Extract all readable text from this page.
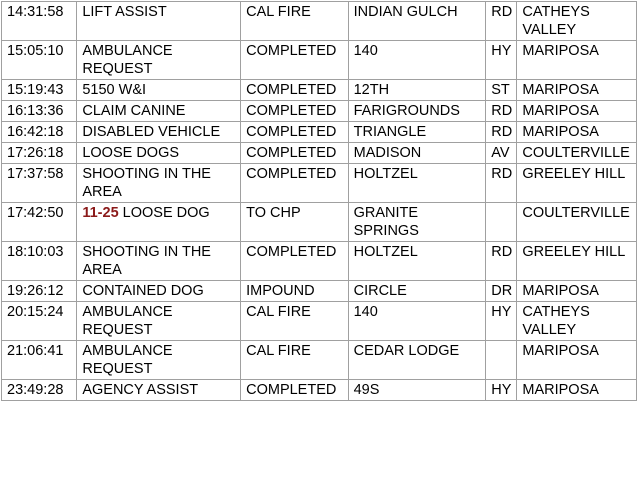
14:31:58	LIFT ASSIST	CAL FIRE	INDIAN GULCH	RD	CATHEYS VALLEY
15:05:10	AMBULANCE REQUEST	COMPLETED	140	HY	MARIPOSA
15:19:43	5150 W&I	COMPLETED	12TH	ST	MARIPOSA
16:13:36	CLAIM CANINE	COMPLETED	FARIGROUNDS	RD	MARIPOSA
16:42:18	DISABLED VEHICLE	COMPLETED	TRIANGLE	RD	MARIPOSA
17:26:18	LOOSE DOGS	COMPLETED	MADISON	AV	COULTERVILLE
17:37:58	SHOOTING IN THE AREA	COMPLETED	HOLTZEL	RD	GREELEY HILL
17:42:50	11-25 LOOSE DOG	TO CHP	GRANITE SPRINGS		COULTERVILLE
18:10:03	SHOOTING IN THE AREA	COMPLETED	HOLTZEL	RD	GREELEY HILL
19:26:12	CONTAINED DOG	IMPOUND	CIRCLE	DR	MARIPOSA
20:15:24	AMBULANCE REQUEST	CAL FIRE	140	HY	CATHEYS VALLEY
21:06:41	AMBULANCE REQUEST	CAL FIRE	CEDAR LODGE		MARIPOSA
23:49:28	AGENCY ASSIST	COMPLETED	49S	HY	MARIPOSA
